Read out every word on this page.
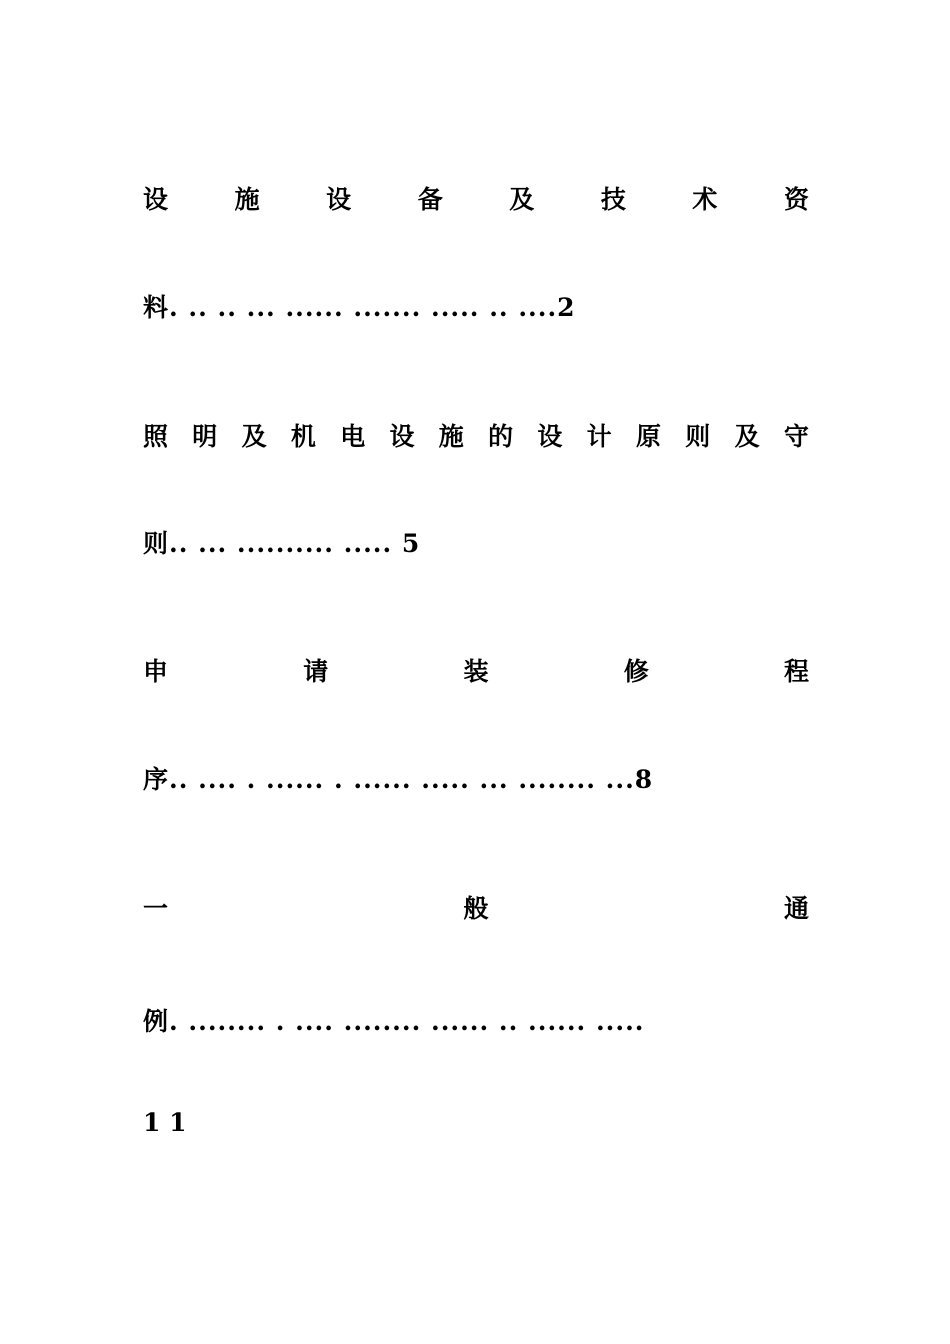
设	施	设	备	及	技	术	资
料. .. .. ... ...... ....... ..... .. ....2
照 明 及 机 电 设 施 的 设 计 原 则 及 守
则.. ... .......... ..... 5
申	请	装	修	程
序.. .... . ...... . ...... ..... ... ........ ...8
一	般	通
例. ........ . .... ........ ...... .. ...... .....
1 1
